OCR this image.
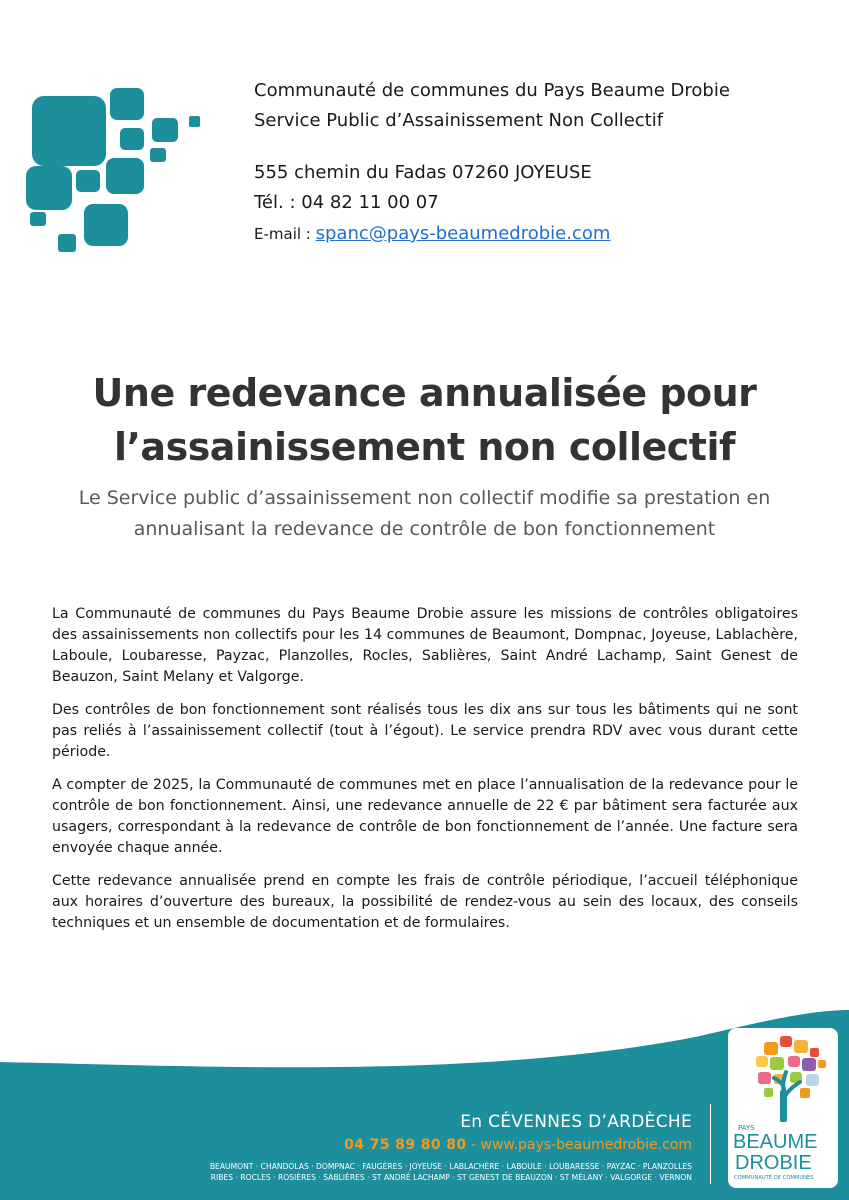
Communauté de communes du Pays Beaume Drobie
Service Public d’Assainissement Non Collectif
555 chemin du Fadas 07260 JOYEUSE
Tél. : 04 82 11 00 07
E-mail : spanc@pays-beaumedrobie.com
Une redevance annualisée pour
l’assainissement non collectif
Le Service public d’assainissement non collectif modifie sa prestation en
annualisant la redevance de contrôle de bon fonctionnement

La Communauté de communes du Pays Beaume Drobie assure les missions de contrôles obligatoires des assainissements non collectifs pour les 14 communes de Beaumont, Dompnac, Joyeuse, Lablachère, Laboule, Loubaresse, Payzac, Planzolles, Rocles, Sablières, Saint André Lachamp, Saint Genest de Beauzon, Saint Melany et Valgorge.

Des contrôles de bon fonctionnement sont réalisés tous les dix ans sur tous les bâtiments qui ne sont pas reliés à l’assainissement collectif (tout à l’égout). Le service prendra RDV avec vous durant cette période.

A compter de 2025, la Communauté de communes met en place l’annualisation de la redevance pour le contrôle de bon fonctionnement. Ainsi, une redevance annuelle de 22 € par bâtiment sera facturée aux usagers, correspondant à la redevance de contrôle de bon fonctionnement de l’année. Une facture sera envoyée chaque année.

Cette redevance annualisée prend en compte les frais de contrôle périodique, l’accueil téléphonique aux horaires d’ouverture des bureaux, la possibilité de rendez-vous au sein des locaux, des conseils techniques et un ensemble de documentation et de formulaires.

En CÉVENNES D’ARDÈCHE
04 75 89 80 80 - www.pays-beaumedrobie.com
BEAUMONT · CHANDOLAS · DOMPNAC · FAUGÈRES · JOYEUSE · LABLACHÈRE · LABOULE · LOUBARESSE · PAYZAC · PLANZOLLES
RIBES · ROCLES · ROSIÈRES · SABLIÈRES · ST ANDRÉ LACHAMP · ST GENEST DE BEAUZON · ST MÉLANY · VALGORGE · VERNON
PAYS
BEAUME
DROBIE
COMMUNAUTÉ DE COMMUNES
